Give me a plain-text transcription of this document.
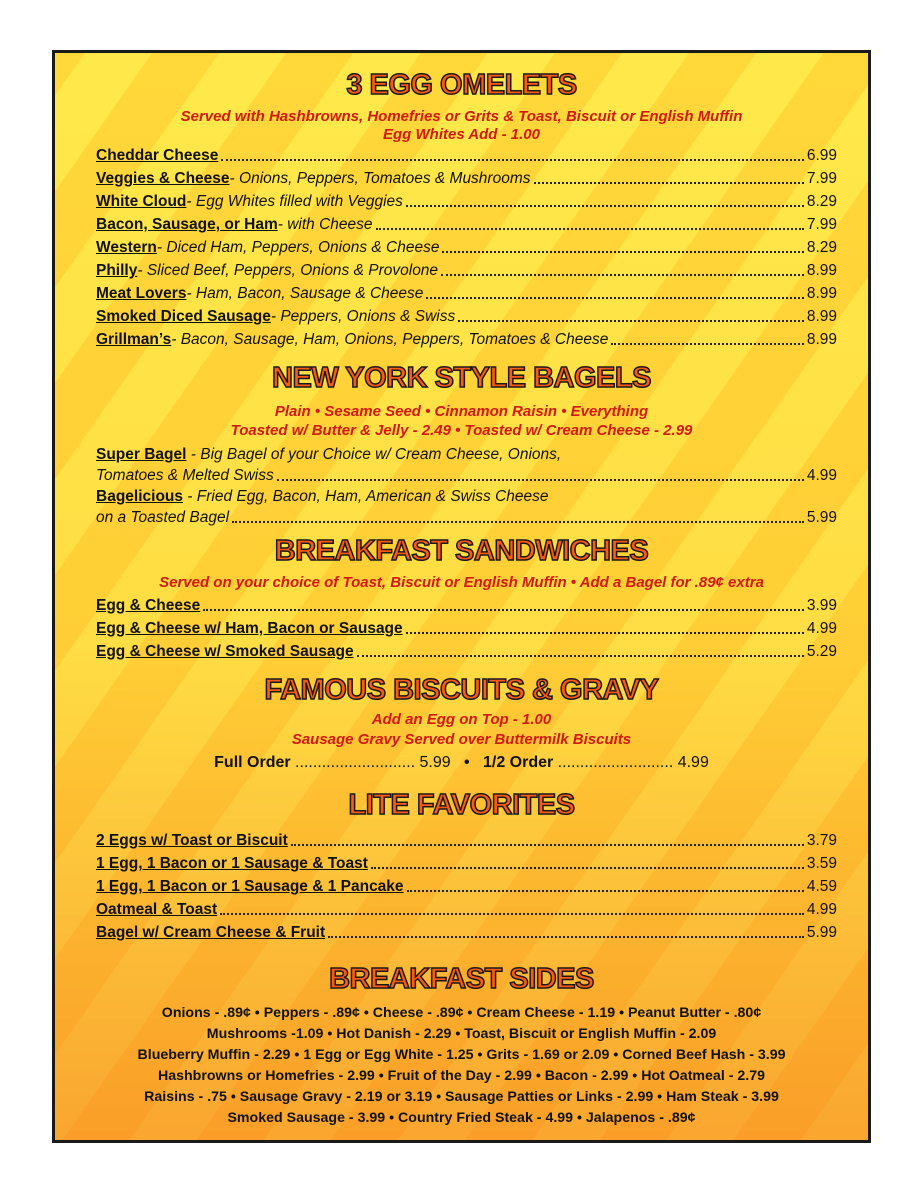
3 EGG OMELETS

Served with Hashbrowns, Homefries or Grits & Toast, Biscuit or English Muffin

Egg Whites Add - 1.00

Cheddar Cheese	6.99
Veggies & Cheese - Onions, Peppers, Tomatoes & Mushrooms	7.99
White Cloud - Egg Whites filled with Veggies	8.29
Bacon, Sausage, or Ham - with Cheese	7.99
Western - Diced Ham, Peppers, Onions & Cheese	8.29
Philly - Sliced Beef, Peppers, Onions & Provolone	8.99
Meat Lovers - Ham, Bacon, Sausage & Cheese	8.99
Smoked Diced Sausage - Peppers, Onions & Swiss	8.99
Grillman’s - Bacon, Sausage, Ham, Onions, Peppers, Tomatoes & Cheese	8.99
NEW YORK STYLE BAGELS

Plain • Sesame Seed • Cinnamon Raisin • Everything

Toasted w/ Butter & Jelly - 2.49 • Toasted w/ Cream Cheese - 2.99

Super Bagel - Big Bagel of your Choice w/ Cream Cheese, Onions,
Tomatoes & Melted Swiss	4.99
Bagelicious - Fried Egg, Bacon, Ham, American & Swiss Cheese
on a Toasted Bagel	5.99
BREAKFAST SANDWICHES

Served on your choice of Toast, Biscuit or English Muffin • Add a Bagel for .89¢ extra

Egg & Cheese	3.99
Egg & Cheese w/ Ham, Bacon or Sausage	4.99
Egg & Cheese w/ Smoked Sausage	5.29
FAMOUS BISCUITS & GRAVY

Add an Egg on Top - 1.00

Sausage Gravy Served over Buttermilk Biscuits

Full Order ........................... 5.99   •   1/2 Order .......................... 4.99
LITE FAVORITES
2 Eggs w/ Toast or Biscuit	3.79
1 Egg, 1 Bacon or 1 Sausage & Toast	3.59
1 Egg, 1 Bacon or 1 Sausage & 1 Pancake	4.59
Oatmeal & Toast	4.99
Bagel w/ Cream Cheese & Fruit	5.99
BREAKFAST SIDES
Onions - .89¢ • Peppers - .89¢ • Cheese - .89¢ • Cream Cheese - 1.19 • Peanut Butter - .80¢
Mushrooms -1.09 • Hot Danish - 2.29 • Toast, Biscuit or English Muffin - 2.09
Blueberry Muffin - 2.29 • 1 Egg or Egg White - 1.25 • Grits - 1.69 or 2.09 • Corned Beef Hash - 3.99
Hashbrowns or Homefries - 2.99 • Fruit of the Day - 2.99 • Bacon - 2.99 • Hot Oatmeal - 2.79
Raisins - .75 • Sausage Gravy - 2.19 or 3.19 • Sausage Patties or Links - 2.99 • Ham Steak - 3.99
Smoked Sausage - 3.99 • Country Fried Steak - 4.99 • Jalapenos - .89¢
